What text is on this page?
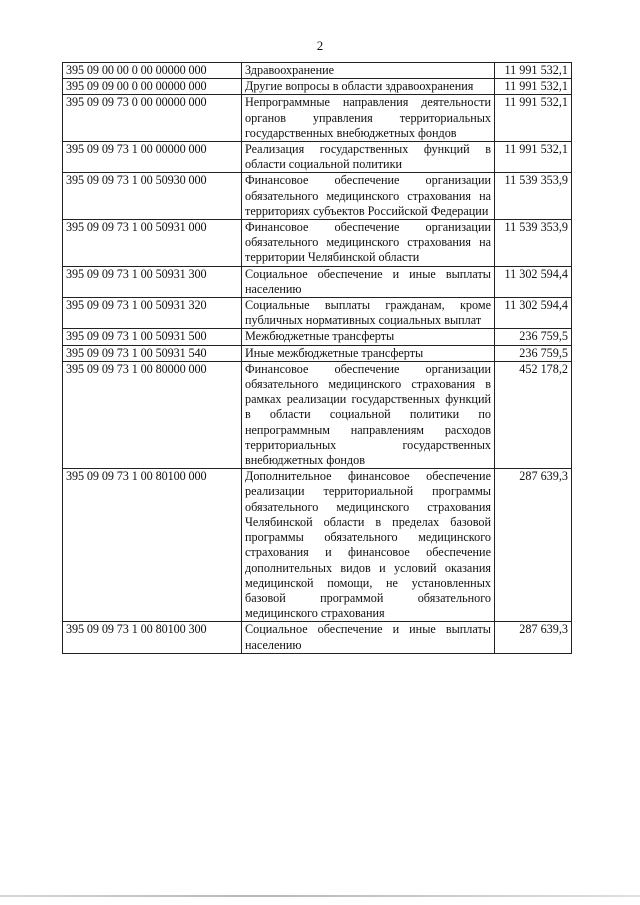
2
395 09 00 00 0 00 00000 000	Здравоохранение	11 991 532,1
395 09 09 00 0 00 00000 000	Другие вопросы в области здравоохранения	11 991 532,1
395 09 09 73 0 00 00000 000	Непрограммные направления деятельности органов управления территориальных государственных внебюджетных фондов	11 991 532,1
395 09 09 73 1 00 00000 000	Реализация государственных функций в области социальной политики	11 991 532,1
395 09 09 73 1 00 50930 000	Финансовое обеспечение организации обязательного медицинского страхования на территориях субъектов Российской Федерации	11 539 353,9
395 09 09 73 1 00 50931 000	Финансовое обеспечение организации обязательного медицинского страхования на территории Челябинской области	11 539 353,9
395 09 09 73 1 00 50931 300	Социальное обеспечение и иные выплаты населению	11 302 594,4
395 09 09 73 1 00 50931 320	Социальные выплаты гражданам, кроме публичных нормативных социальных выплат	11 302 594,4
395 09 09 73 1 00 50931 500	Межбюджетные трансферты	236 759,5
395 09 09 73 1 00 50931 540	Иные межбюджетные трансферты	236 759,5
395 09 09 73 1 00 80000 000	Финансовое обеспечение организации обязательного медицинского страхования в рамках реализации государственных функций в области социальной политики по непрограммным направлениям расходов территориальных государственных внебюджетных фондов	452 178,2
395 09 09 73 1 00 80100 000	Дополнительное финансовое обеспечение реализации территориальной программы обязательного медицинского страхования Челябинской области в пределах базовой программы обязательного медицинского страхования и финансовое обеспечение дополнительных видов и условий оказания медицинской помощи, не установленных базовой программой обязательного медицинского страхования	287 639,3
395 09 09 73 1 00 80100 300	Социальное обеспечение и иные выплаты населению	287 639,3
